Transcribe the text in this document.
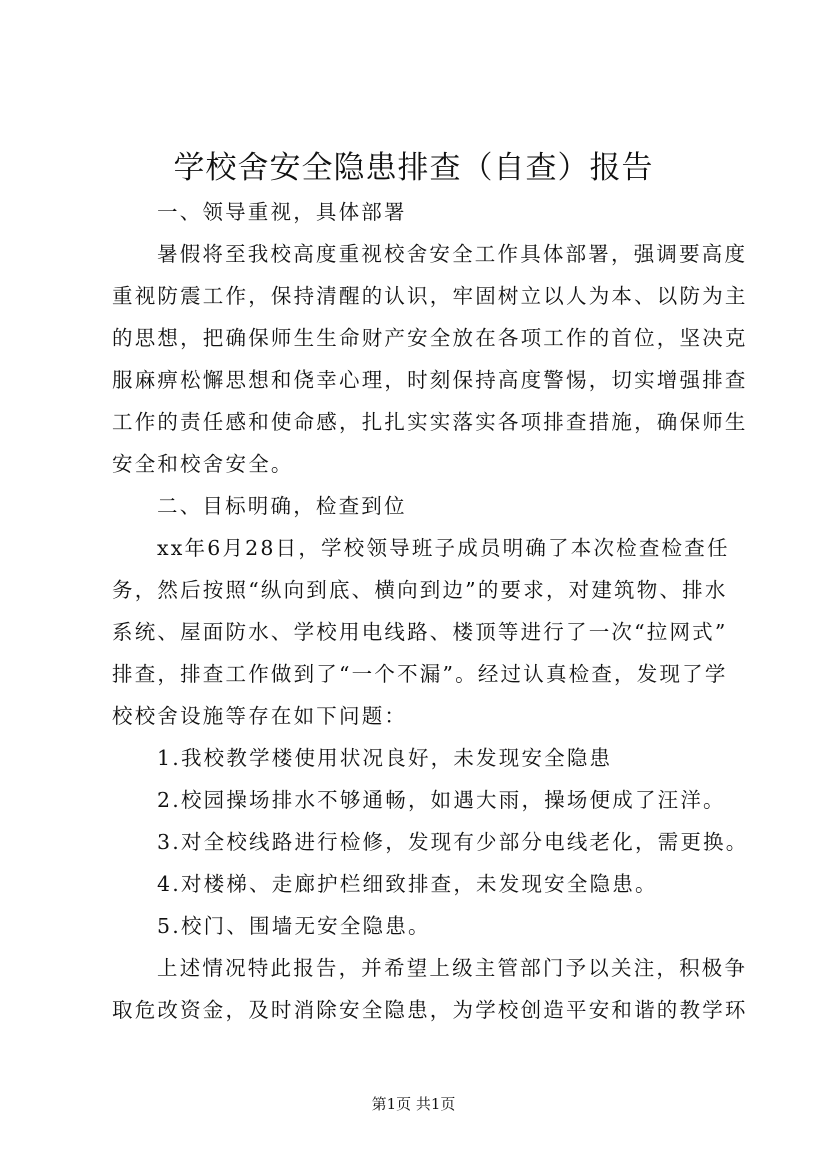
学校舍安全隐患排查（自查）报告
一、领导重视，具体部署
暑假将至我校高度重视校舍安全工作具体部署，强调要高度
重视防震工作，保持清醒的认识，牢固树立以人为本、以防为主
的思想，把确保师生生命财产安全放在各项工作的首位，坚决克
服麻痹松懈思想和侥幸心理，时刻保持高度警惕，切实增强排查
工作的责任感和使命感，扎扎实实落实各项排查措施，确保师生
安全和校舍安全。
二、目标明确，检查到位
xx年6月28日，学校领导班子成员明确了本次检查检查任
务，然后按照“纵向到底、横向到边”的要求，对建筑物、排水
系统、屋面防水、学校用电线路、楼顶等进行了一次“拉网式”
排查，排查工作做到了“一个不漏”。经过认真检查，发现了学
校校舍设施等存在如下问题：
1.我校教学楼使用状况良好，未发现安全隐患
2.校园操场排水不够通畅，如遇大雨，操场便成了汪洋。
3.对全校线路进行检修，发现有少部分电线老化，需更换。
4.对楼梯、走廊护栏细致排查，未发现安全隐患。
5.校门、围墙无安全隐患。
上述情况特此报告，并希望上级主管部门予以关注，积极争
取危改资金，及时消除安全隐患，为学校创造平安和谐的教学环
第1页 共1页
